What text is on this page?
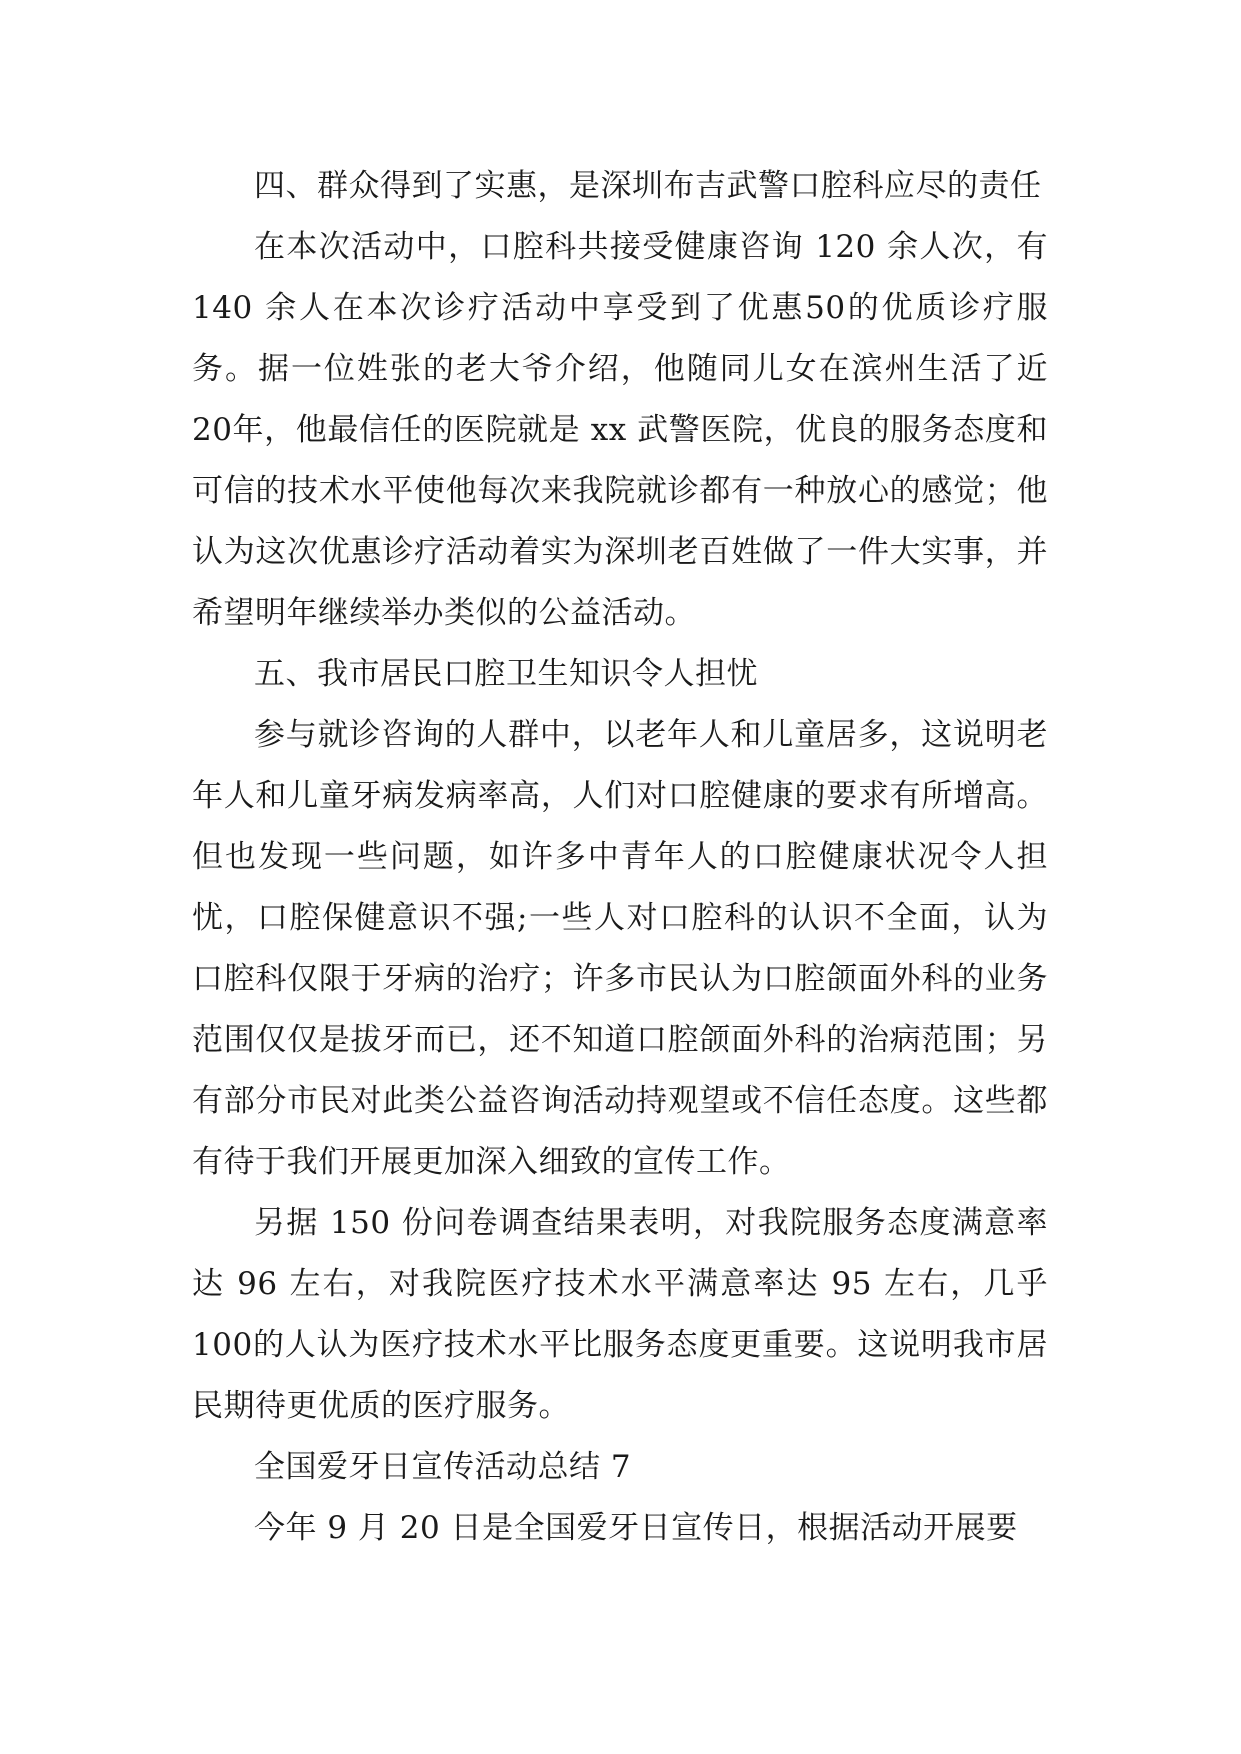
四、群众得到了实惠，是深圳布吉武警口腔科应尽的责任

在本次活动中，口腔科共接受健康咨询 120 余人次，有140 余人在本次诊疗活动中享受到了优惠50的优质诊疗服务。据一位姓张的老大爷介绍，他随同儿女在滨州生活了近 20年，他最信任的医院就是 xx 武警医院，优良的服务态度和可信的技术水平使他每次来我院就诊都有一种放心的感觉；他认为这次优惠诊疗活动着实为深圳老百姓做了一件大实事，并希望明年继续举办类似的公益活动。

五、我市居民口腔卫生知识令人担忧

参与就诊咨询的人群中，以老年人和儿童居多，这说明老年人和儿童牙病发病率高，人们对口腔健康的要求有所增高。但也发现一些问题，如许多中青年人的口腔健康状况令人担忧，口腔保健意识不强;一些人对口腔科的认识不全面，认为口腔科仅限于牙病的治疗；许多市民认为口腔颌面外科的业务范围仅仅是拔牙而已，还不知道口腔颌面外科的治病范围；另有部分市民对此类公益咨询活动持观望或不信任态度。这些都有待于我们开展更加深入细致的宣传工作。

另据 150 份问卷调查结果表明，对我院服务态度满意率达 96 左右，对我院医疗技术水平满意率达 95 左右，几乎 100的人认为医疗技术水平比服务态度更重要。这说明我市居民期待更优质的医疗服务。

全国爱牙日宣传活动总结 7

今年 9 月 20 日是全国爱牙日宣传日，根据活动开展要
